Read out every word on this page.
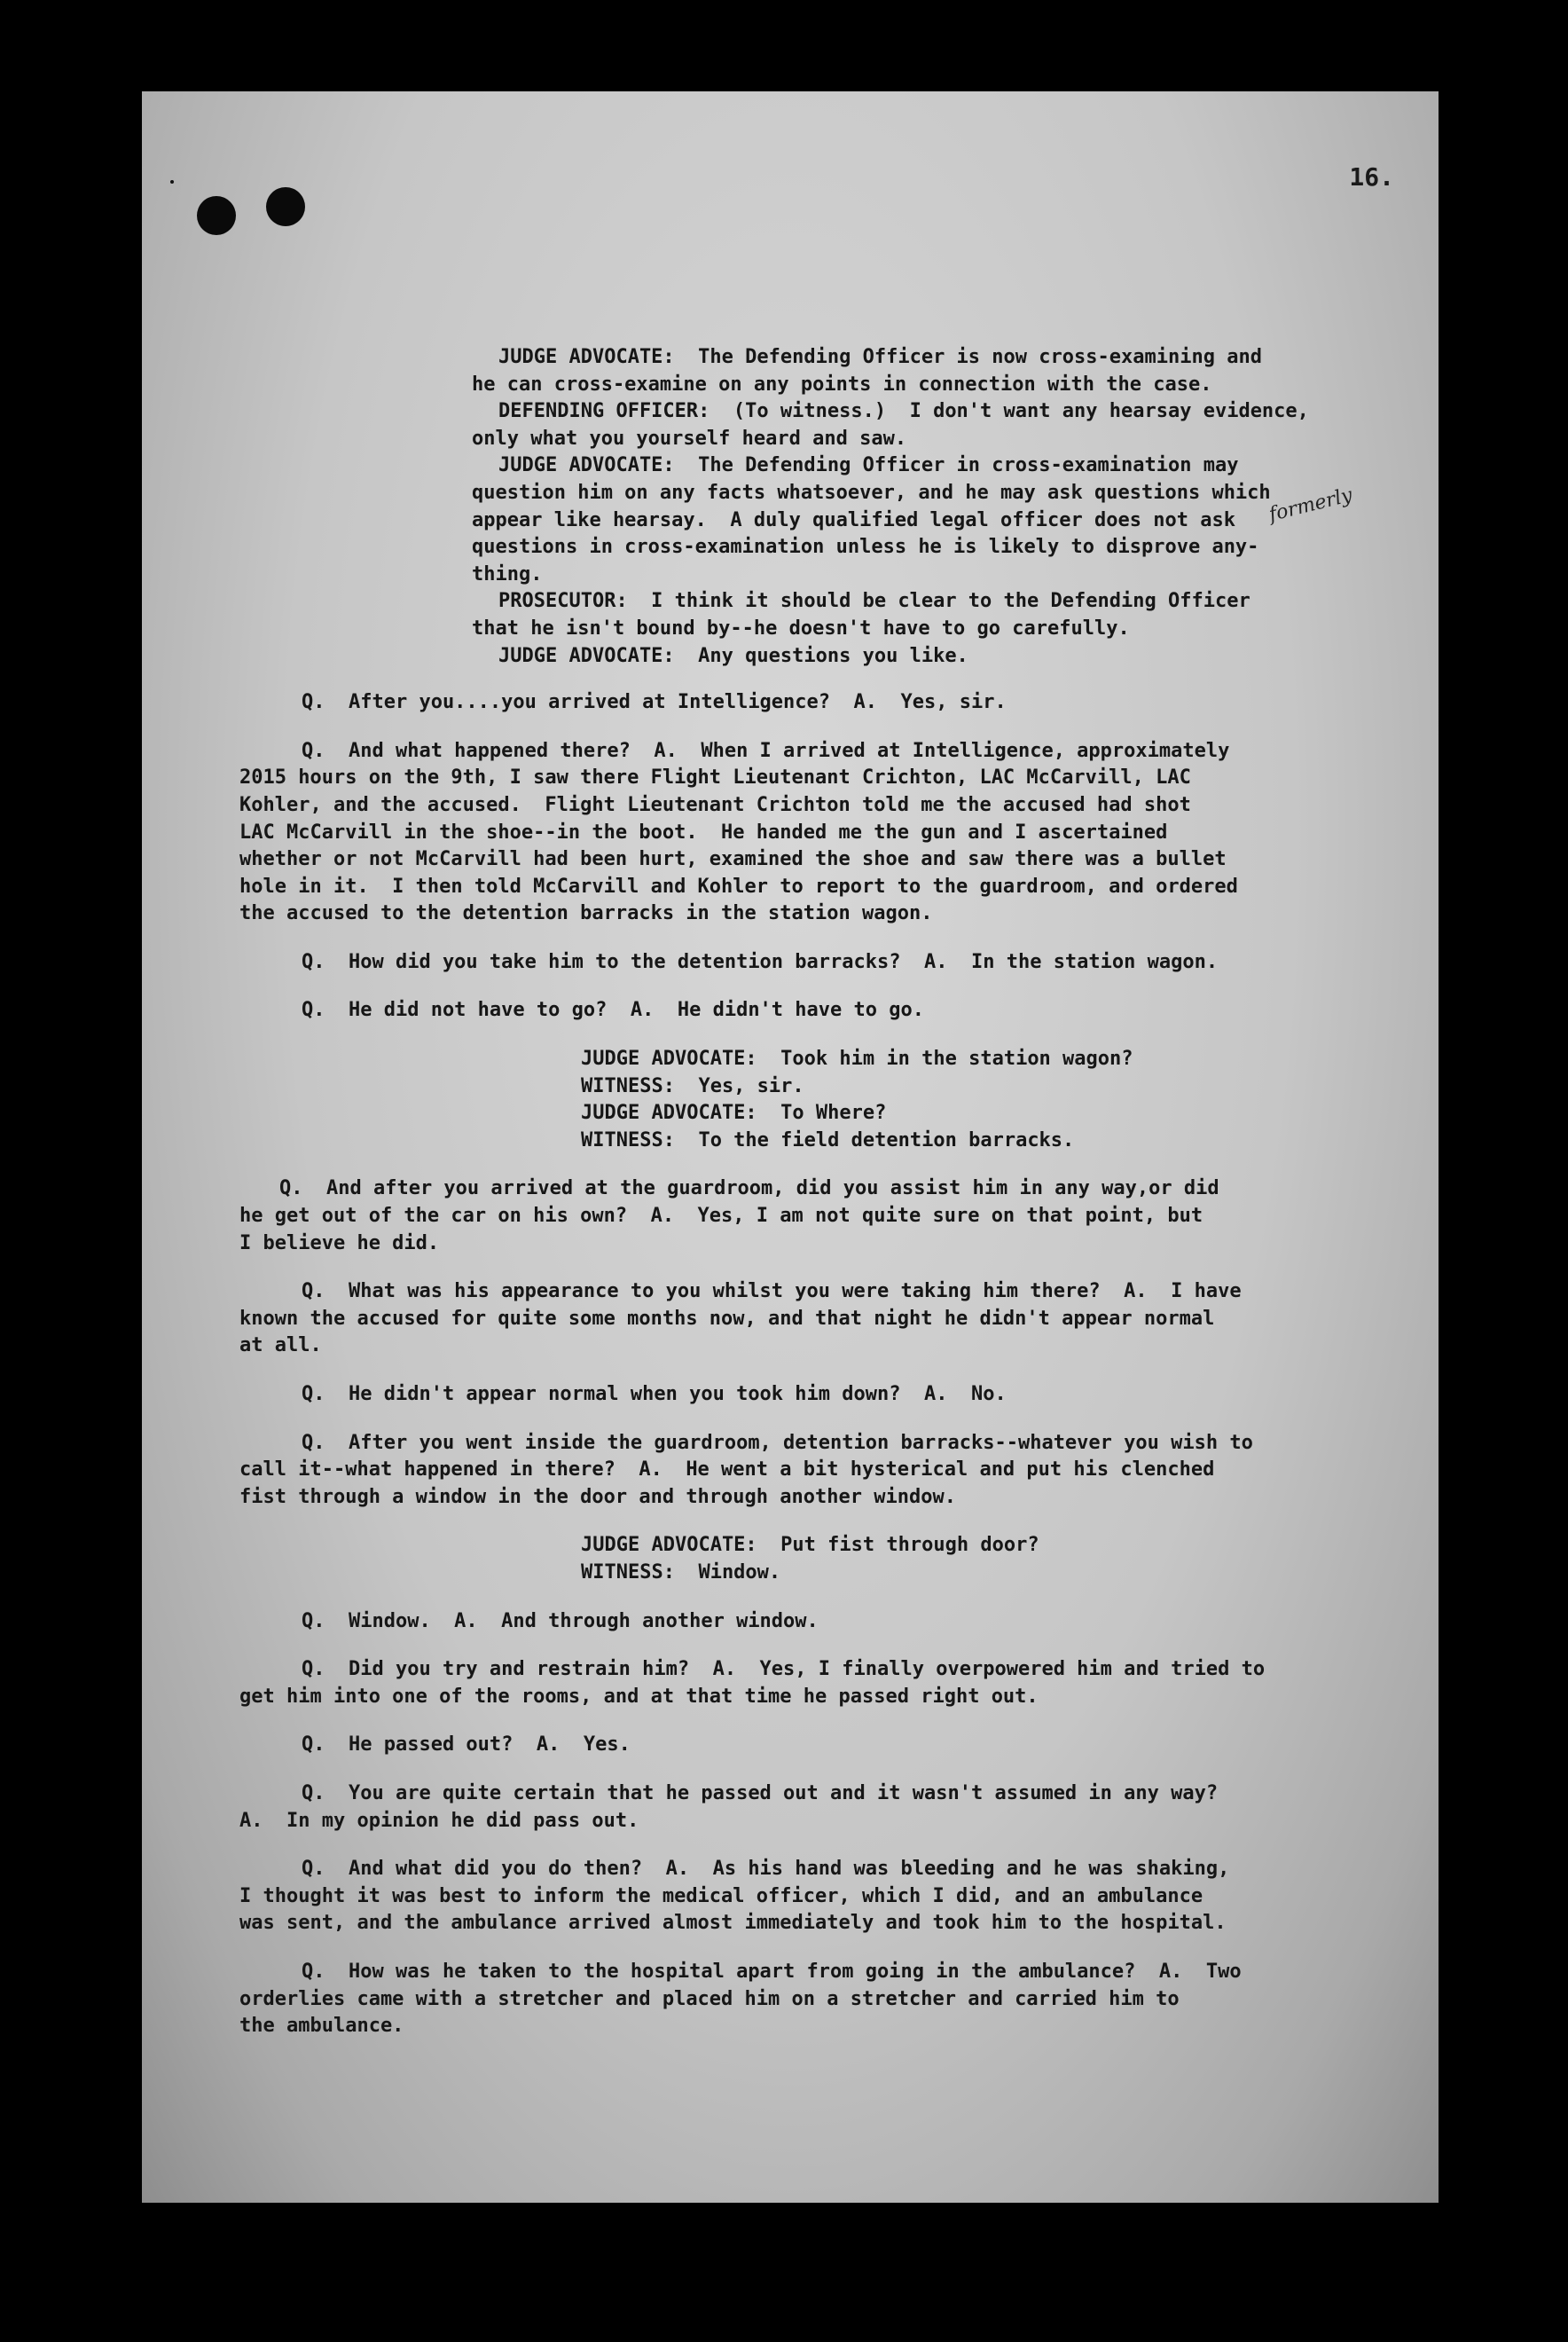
16.
formerly
JUDGE ADVOCATE:  The Defending Officer is now cross-examining and
he can cross-examine on any points in connection with the case.
DEFENDING OFFICER:  (To witness.)  I don't want any hearsay evidence,
only what you yourself heard and saw.
JUDGE ADVOCATE:  The Defending Officer in cross-examination may
question him on any facts whatsoever, and he may ask questions which
appear like hearsay.  A duly qualified legal officer does not ask
questions in cross-examination unless he is likely to disprove any-
thing.
PROSECUTOR:  I think it should be clear to the Defending Officer
that he isn't bound by--he doesn't have to go carefully.
JUDGE ADVOCATE:  Any questions you like.
Q.  After you....you arrived at Intelligence?  A.  Yes, sir.
Q.  And what happened there?  A.  When I arrived at Intelligence, approximately
2015 hours on the 9th, I saw there Flight Lieutenant Crichton, LAC McCarvill, LAC
Kohler, and the accused.  Flight Lieutenant Crichton told me the accused had shot
LAC McCarvill in the shoe--in the boot.  He handed me the gun and I ascertained
whether or not McCarvill had been hurt, examined the shoe and saw there was a bullet
hole in it.  I then told McCarvill and Kohler to report to the guardroom, and ordered
the accused to the detention barracks in the station wagon.
Q.  How did you take him to the detention barracks?  A.  In the station wagon.
Q.  He did not have to go?  A.  He didn't have to go.
JUDGE ADVOCATE:  Took him in the station wagon?
WITNESS:  Yes, sir.
JUDGE ADVOCATE:  To Where?
WITNESS:  To the field detention barracks.
Q.  And after you arrived at the guardroom, did you assist him in any way,or did
he get out of the car on his own?  A.  Yes, I am not quite sure on that point, but
I believe he did.
Q.  What was his appearance to you whilst you were taking him there?  A.  I have
known the accused for quite some months now, and that night he didn't appear normal
at all.
Q.  He didn't appear normal when you took him down?  A.  No.
Q.  After you went inside the guardroom, detention barracks--whatever you wish to
call it--what happened in there?  A.  He went a bit hysterical and put his clenched
fist through a window in the door and through another window.
JUDGE ADVOCATE:  Put fist through door?
WITNESS:  Window.
Q.  Window.  A.  And through another window.
Q.  Did you try and restrain him?  A.  Yes, I finally overpowered him and tried to
get him into one of the rooms, and at that time he passed right out.
Q.  He passed out?  A.  Yes.
Q.  You are quite certain that he passed out and it wasn't assumed in any way?
A.  In my opinion he did pass out.
Q.  And what did you do then?  A.  As his hand was bleeding and he was shaking,
I thought it was best to inform the medical officer, which I did, and an ambulance
was sent, and the ambulance arrived almost immediately and took him to the hospital.
Q.  How was he taken to the hospital apart from going in the ambulance?  A.  Two
orderlies came with a stretcher and placed him on a stretcher and carried him to
the ambulance.
